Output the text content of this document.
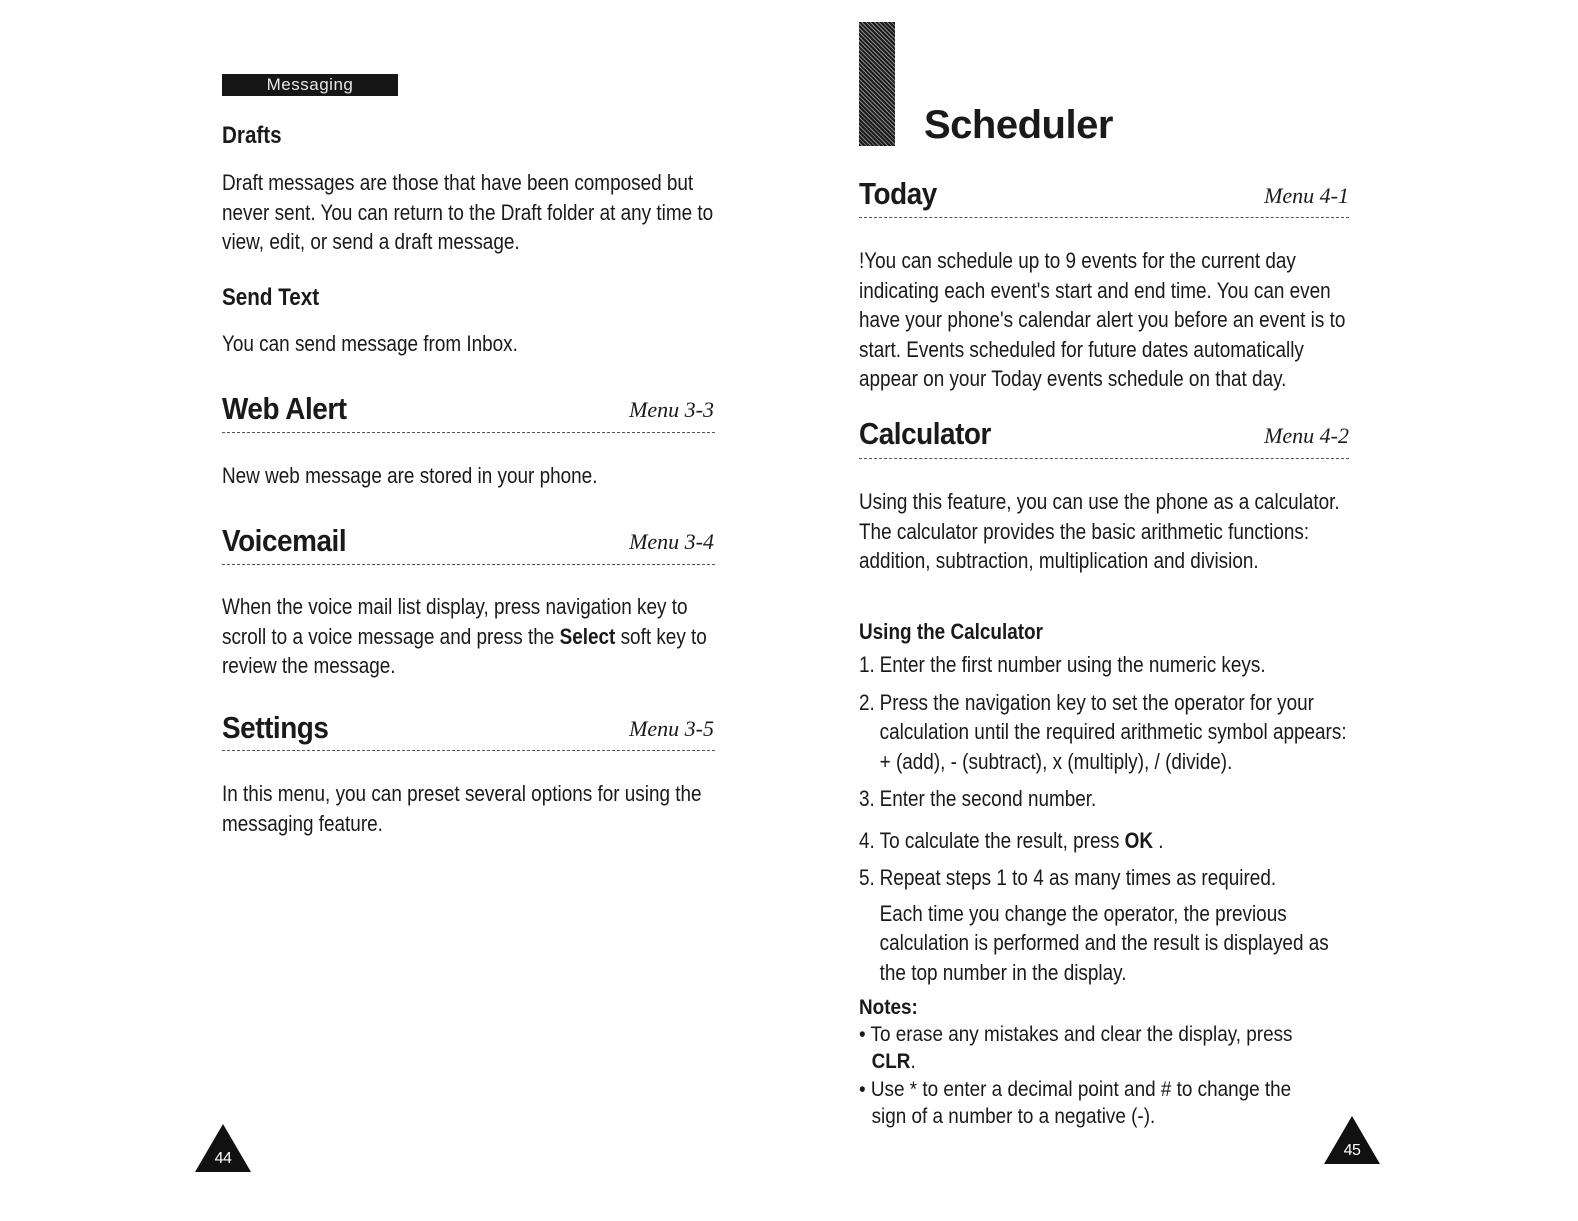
Messaging
Drafts
Draft messages are those that have been composed but never sent. You can return to the Draft folder at any time to view, edit, or send a draft message.
Send Text
You can send message from Inbox.
Web Alert	Menu 3-3
New web message are stored in your phone.
Voicemail	Menu 3-4
When the voice mail list display, press navigation key to scroll to a voice message and press the Select soft key to review the message.
Settings	Menu 3-5
In this menu, you can preset several options for using the messaging feature.
44
Scheduler
Today	Menu 4-1
!You can schedule up to 9 events for the current day indicating each event's start and end time. You can even have your phone's calendar alert you before an event is to start. Events scheduled for future dates automatically appear on your Today events schedule on that day.
Calculator	Menu 4-2
Using this feature, you can use the phone as a calculator. The calculator provides the basic arithmetic functions: addition, subtraction, multiplication and division.
Using the Calculator
1. Enter the first number using the numeric keys.
2. Press the navigation key to set the operator for your calculation until the required arithmetic symbol appears: + (add), - (subtract), x (multiply), / (divide).
3. Enter the second number.
4. To calculate the result, press OK .
5. Repeat steps 1 to 4 as many times as required.
Each time you change the operator, the previous calculation is performed and the result is displayed as the top number in the display.
Notes:
• To erase any mistakes and clear the display, press CLR.
• Use * to enter a decimal point and # to change the sign of a number to a negative (-).
45
